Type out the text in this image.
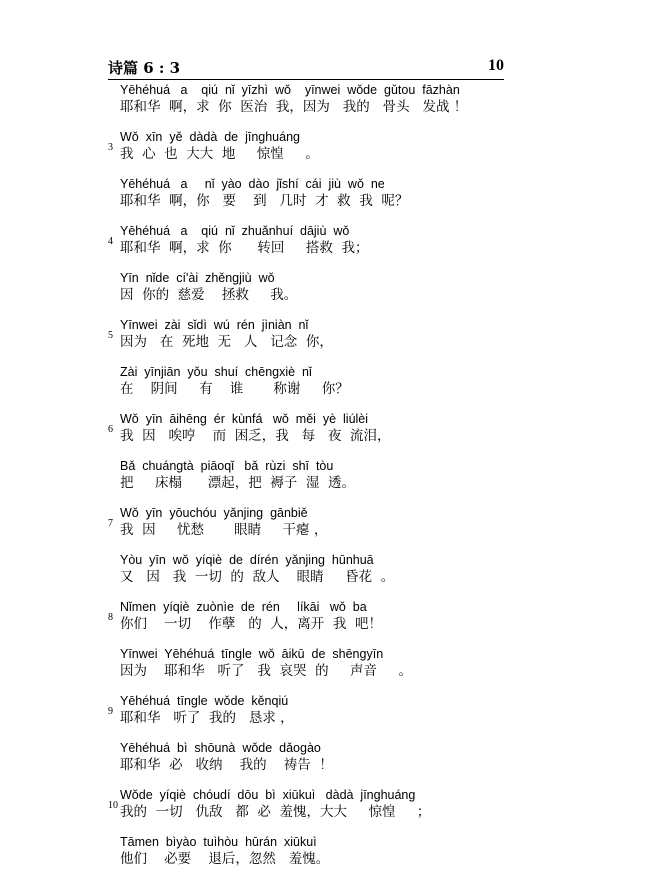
诗篇 6 : 3	10
Yēhéhuá   a    qiú  nǐ  yīzhì  wǒ    yīnwei  wǒde  gǔtou  fāzhàn
耶和华  啊，求  你  医治  我，因为   我的   骨头   发战 ！
3
Wǒ  xīn  yě  dàdà  de  jīnghuáng
我  心  也  大大  地     惊惶     。
Yēhéhuá   a     nǐ  yào  dào  jǐshí  cái  jiù  wǒ  ne
耶和华  啊，你   要    到   几时  才  救  我  呢？
4
Yēhéhuá   a    qiú  nǐ  zhuǎnhuí  dājiù  wǒ
耶和华  啊，求  你      转回     搭救  我；
Yīn  nǐde  cí'ài  zhěngjiù  wǒ
因  你的  慈爱    拯救     我。
5
Yīnwei  zài  sǐdì  wú  rén  jìniàn  nǐ
因为   在  死地  无   人   记念  你，
Zài  yīnjiān  yǒu  shuí  chēngxiè  nǐ
在    阴间     有    谁       称谢     你？
6
Wǒ  yīn  āihēng  ér  kùnfá   wǒ  měi  yè  liúlèi
我  因   唉哼    而  困乏，我   每   夜  流泪，
Bǎ  chuángtà  piāoqǐ   bǎ  rùzi  shī  tòu
把     床榻      漂起，把  褥子  湿  透。
7
Wǒ  yīn  yōuchóu  yǎnjing  gānbiě
我  因     忧愁       眼睛     干瘪 ，
Yòu  yīn  wǒ  yíqiè  de  dírén  yǎnjing  hūnhuā
又   因   我  一切  的  敌人    眼睛     昏花  。
8
Nǐmen  yíqiè  zuònìe  de  rén     líkāi   wǒ  ba
你们    一切    作孽   的  人，离开  我  吧！
Yīnwei  Yēhéhuá  tīngle  wǒ  āikū  de  shēngyīn
因为    耶和华   听了   我  哀哭  的     声音     。
9
Yēhéhuá  tīngle  wǒde  kěnqiú
耶和华   听了  我的   恳求 ，
Yēhéhuá  bì  shōunà  wǒde  dǎogào
耶和华  必   收纳    我的    祷告  ！
10
Wǒde  yíqiè  chóudí  dōu  bì  xiūkuì   dàdà  jīnghuáng
我的  一切   仇敌   都  必  羞愧，大大     惊惶     ；
Tāmen  bìyào  tuìhòu  hūrán  xiūkuì
他们    必要    退后，忽然   羞愧。
